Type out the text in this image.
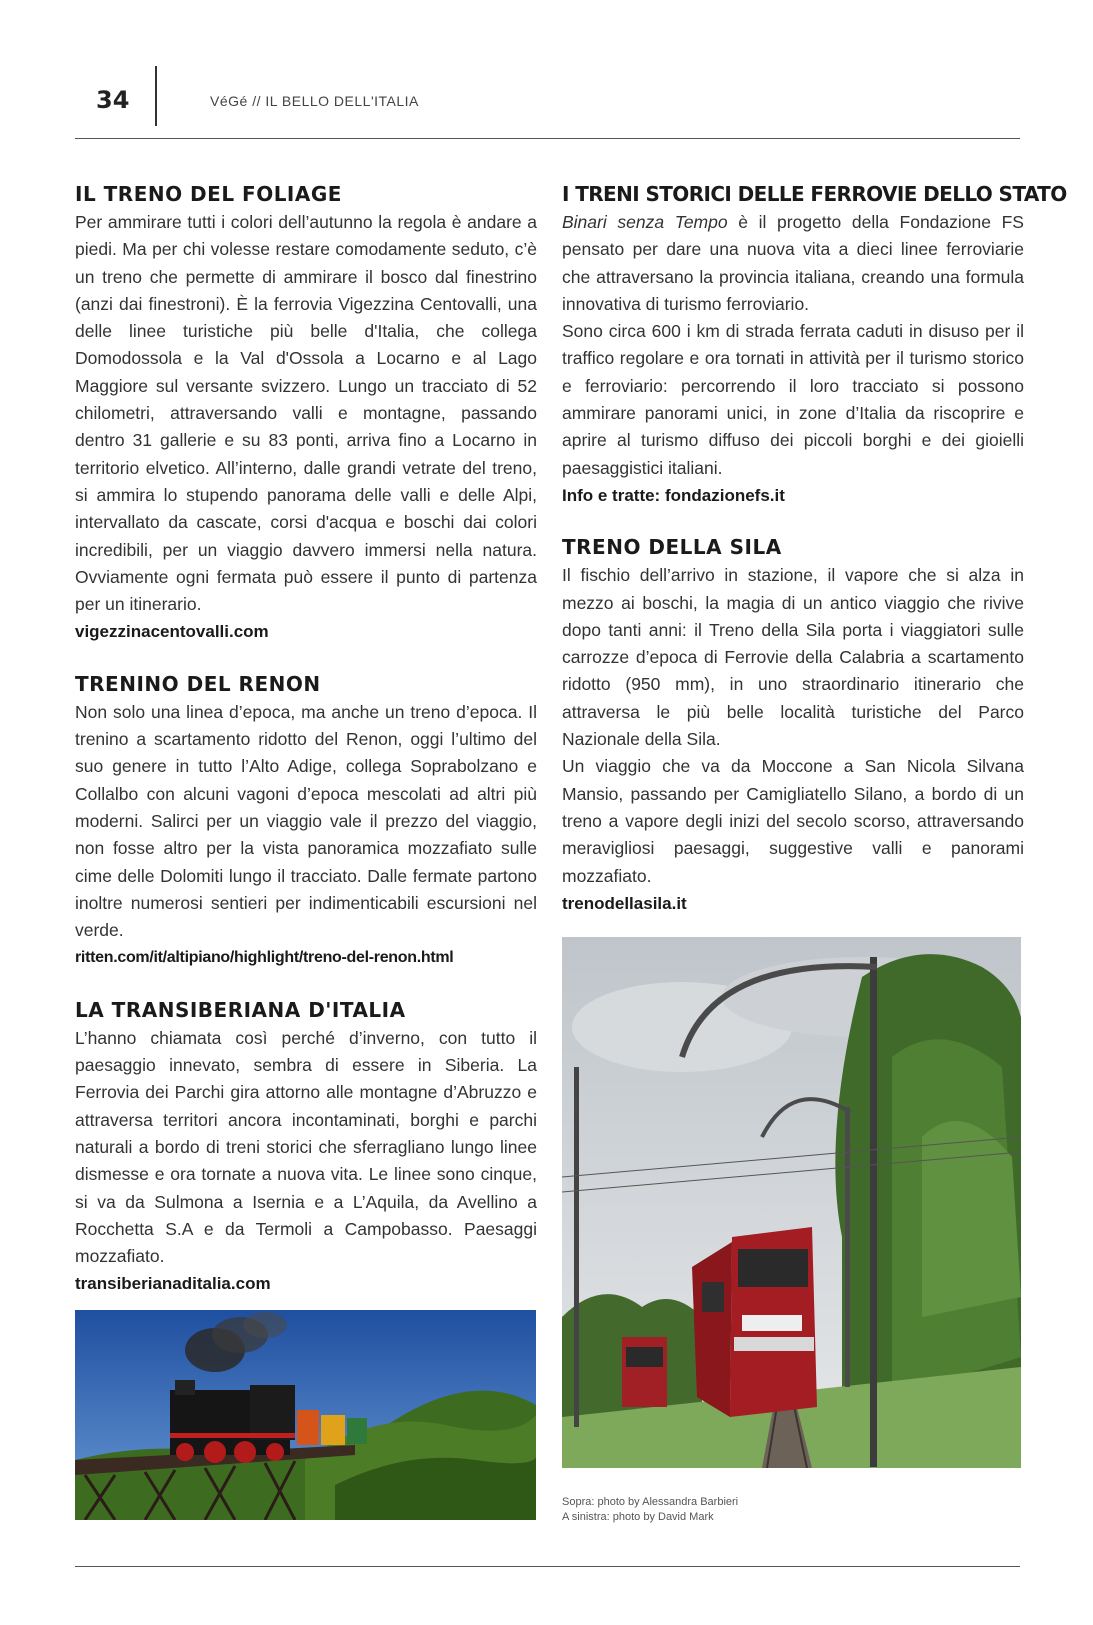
34	VéGé // IL BELLO DELL'ITALIA
IL TRENO DEL FOLIAGE

Per ammirare tutti i colori dell’autunno la regola è andare a piedi. Ma per chi volesse restare comodamente seduto, c’è un treno che permette di ammirare il bosco dal finestrino (anzi dai finestroni). È la ferrovia Vigezzina Centovalli, una delle linee turistiche più belle d'Italia, che collega Domodossola e la Val d'Ossola a Locarno e al Lago Maggiore sul versante svizzero. Lungo un tracciato di 52 chilometri, attraversando valli e montagne, passando dentro 31 gallerie e su 83 ponti, arriva fino a Locarno in territorio elvetico. All’interno, dalle grandi vetrate del treno, si ammira lo stupendo panorama delle valli e delle Alpi, intervallato da cascate, corsi d'acqua e boschi dai colori incredibili, per un viaggio davvero immersi nella natura. Ovviamente ogni fermata può essere il punto di partenza per un itinerario.

vigezzinacentovalli.com
TRENINO DEL RENON

Non solo una linea d’epoca, ma anche un treno d’epoca. Il trenino a scartamento ridotto del Renon, oggi l’ultimo del suo genere in tutto l’Alto Adige, collega Soprabolzano e Collalbo con alcuni vagoni d’epoca mescolati ad altri più moderni. Salirci per un viaggio vale il prezzo del viaggio, non fosse altro per la vista panoramica mozzafiato sulle cime delle Dolomiti lungo il tracciato. Dalle fermate partono inoltre numerosi sentieri per indimenticabili escursioni nel verde.

ritten.com/it/altipiano/highlight/treno-del-renon.html
LA TRANSIBERIANA D'ITALIA

L’hanno chiamata così perché d’inverno, con tutto il paesaggio innevato, sembra di essere in Siberia. La Ferrovia dei Parchi gira attorno alle montagne d’Abruzzo e attraversa territori ancora incontaminati, borghi e parchi naturali a bordo di treni storici che sferragliano lungo linee dismesse e ora tornate a nuova vita. Le linee sono cinque, si va da Sulmona a Isernia e a L’Aquila, da Avellino a Rocchetta S.A e da Termoli a Campobasso. Paesaggi mozzafiato.

transiberianaditalia.com
I TRENI STORICI DELLE FERROVIE DELLO STATO

Binari senza Tempo è il progetto della Fondazione FS pensato per dare una nuova vita a dieci linee ferroviarie che attraversano la provincia italiana, creando una formula innovativa di turismo ferroviario.

Sono circa 600 i km di strada ferrata caduti in disuso per il traffico regolare e ora tornati in attività per il turismo storico e ferroviario: percorrendo il loro tracciato si possono ammirare panorami unici, in zone d’Italia da riscoprire e aprire al turismo diffuso dei piccoli borghi e dei gioielli paesaggistici italiani.

Info e tratte: fondazionefs.it
TRENO DELLA SILA

Il fischio dell’arrivo in stazione, il vapore che si alza in mezzo ai boschi, la magia di un antico viaggio che rivive dopo tanti anni: il Treno della Sila porta i viaggiatori sulle carrozze d’epoca di Ferrovie della Calabria a scartamento ridotto (950 mm), in uno straordinario itinerario che attraversa le più belle località turistiche del Parco Nazionale della Sila.

Un viaggio che va da Moccone a San Nicola Silvana Mansio, passando per Camigliatello Silano, a bordo di un treno a vapore degli inizi del secolo scorso, attraversando meravigliosi paesaggi, suggestive valli e panorami mozzafiato.

trenodellasila.it
Sopra: photo by Alessandra Barbieri
A sinistra: photo by David Mark
